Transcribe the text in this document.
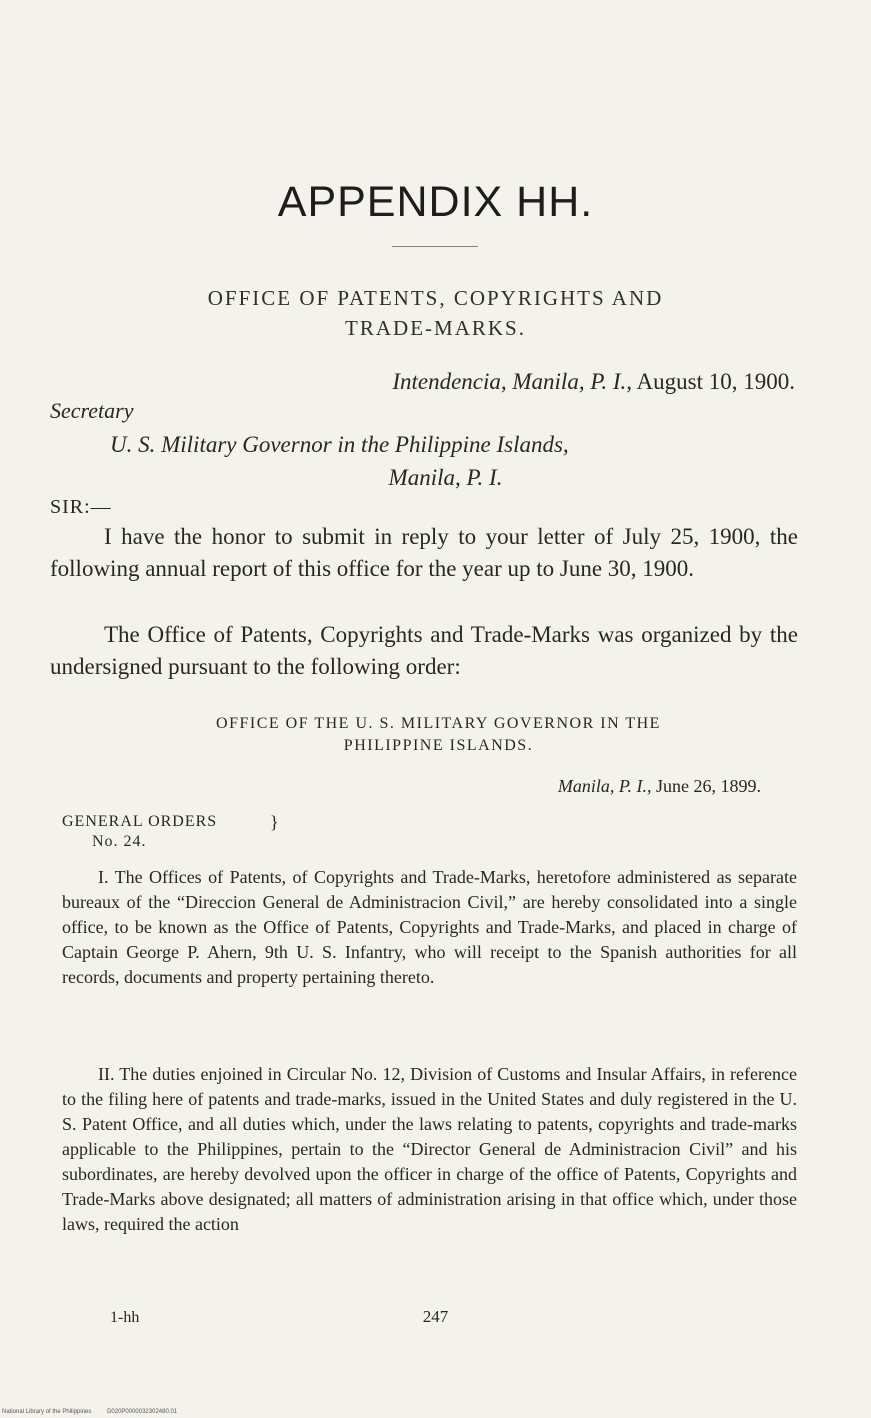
APPENDIX HH.
OFFICE OF PATENTS, COPYRIGHTS AND
TRADE-MARKS.
Intendencia, Manila, P. I., August 10, 1900.
Secretary
U. S. Military Governor in the Philippine Islands,
Manila, P. I.
SIR:—

I have the honor to submit in reply to your letter of July 25, 1900, the following annual report of this office for the year up to June 30, 1900.

The Office of Patents, Copyrights and Trade-Marks was organized by the undersigned pursuant to the following order:

OFFICE OF THE U. S. MILITARY GOVERNOR IN THE
PHILIPPINE ISLANDS.
Manila, P. I., June 26, 1899.
GENERAL ORDERS
No. 24.
}

I. The Offices of Patents, of Copyrights and Trade-Marks, heretofore administered as separate bureaux of the “Direccion General de Administracion Civil,” are hereby consolidated into a single office, to be known as the Office of Patents, Copyrights and Trade-Marks, and placed in charge of Captain George P. Ahern, 9th U. S. Infantry, who will receipt to the Spanish authorities for all records, documents and property pertaining thereto.

II. The duties enjoined in Circular No. 12, Division of Customs and Insular Affairs, in reference to the filing here of patents and trade-marks, issued in the United States and duly registered in the U. S. Patent Office, and all duties which, under the laws relating to patents, copyrights and trade-marks applicable to the Philippines, pertain to the “Director General de Administracion Civil” and his subordinates, are hereby devolved upon the officer in charge of the office of Patents, Copyrights and Trade-Marks above designated; all matters of administration arising in that office which, under those laws, required the action

1-hh	247
National Library of the Philippines	D020P0000032302480.01
